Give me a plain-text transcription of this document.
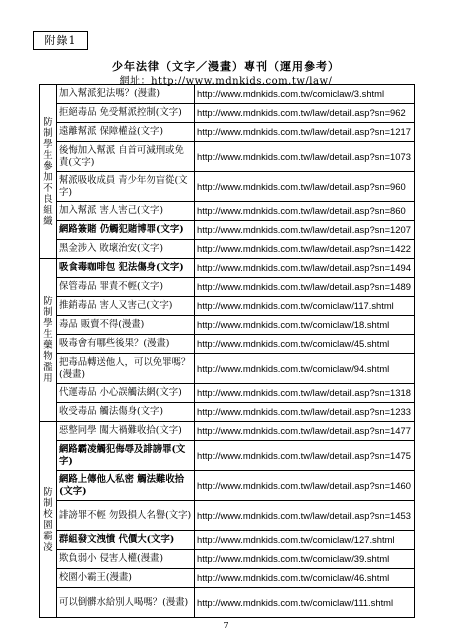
附錄1
少年法律（文字／漫畫）專刊（運用參考）
網址：http://www.mdnkids.com.tw/law/
防制學生參加不良組織	加入幫派犯法嗎？(漫畫)	http://www.mdnkids.com.tw/comiclaw/3.shtml
	拒絕毒品 免受幫派控制(文字)	http://www.mdnkids.com.tw/law/detail.asp?sn=962
	遠離幫派 保障權益(文字)	http://www.mdnkids.com.tw/law/detail.asp?sn=1217
	後悔加入幫派 自首可減刑或免責(文字)	http://www.mdnkids.com.tw/law/detail.asp?sn=1073
	幫派吸收成員 青少年勿盲從(文字)	http://www.mdnkids.com.tw/law/detail.asp?sn=960
	加入幫派 害人害己(文字)	http://www.mdnkids.com.tw/law/detail.asp?sn=860
	網路簽賭 仍觸犯賭博罪(文字)	http://www.mdnkids.com.tw/law/detail.asp?sn=1207
	黑金涉入 敗壞治安(文字)	http://www.mdnkids.com.tw/law/detail.asp?sn=1422

防制學生藥物濫用	吸食毒咖啡包 犯法傷身(文字)	http://www.mdnkids.com.tw/law/detail.asp?sn=1494
	保管毒品 罪責不輕(文字)	http://www.mdnkids.com.tw/law/detail.asp?sn=1489
	推銷毒品 害人又害己(文字)	http://www.mdnkids.com.tw/comiclaw/117.shtml
	毒品 販賣不得(漫畫)	http://www.mdnkids.com.tw/comiclaw/18.shtml
	吸毒會有哪些後果？(漫畫)	http://www.mdnkids.com.tw/comiclaw/45.shtml
	把毒品轉送他人，可以免罪嗎？(漫畫)	http://www.mdnkids.com.tw/comiclaw/94.shtml
	代運毒品 小心誤觸法網(文字)	http://www.mdnkids.com.tw/law/detail.asp?sn=1318
	收受毒品 觸法傷身(文字)	http://www.mdnkids.com.tw/law/detail.asp?sn=1233

防制校園霸凌	惡整同學 闖大禍難收拾(文字)	http://www.mdnkids.com.tw/law/detail.asp?sn=1477
	網路霸凌觸犯侮辱及誹謗罪(文字)	http://www.mdnkids.com.tw/law/detail.asp?sn=1475
	網路上傳他人私密 觸法難收拾(文字)	http://www.mdnkids.com.tw/law/detail.asp?sn=1460
	誹謗罪不輕 勿毀損人名譽(文字)	http://www.mdnkids.com.tw/law/detail.asp?sn=1453
	群組發文洩憤 代價大(文字)	http://www.mdnkids.com.tw/comiclaw/127.shtml
	欺負弱小 侵害人權(漫畫)	http://www.mdnkids.com.tw/comiclaw/39.shtml
	校園小霸王(漫畫)	http://www.mdnkids.com.tw/comiclaw/46.shtml
	可以倒髒水給別人喝嗎？(漫畫)	http://www.mdnkids.com.tw/comiclaw/111.shtml
7
